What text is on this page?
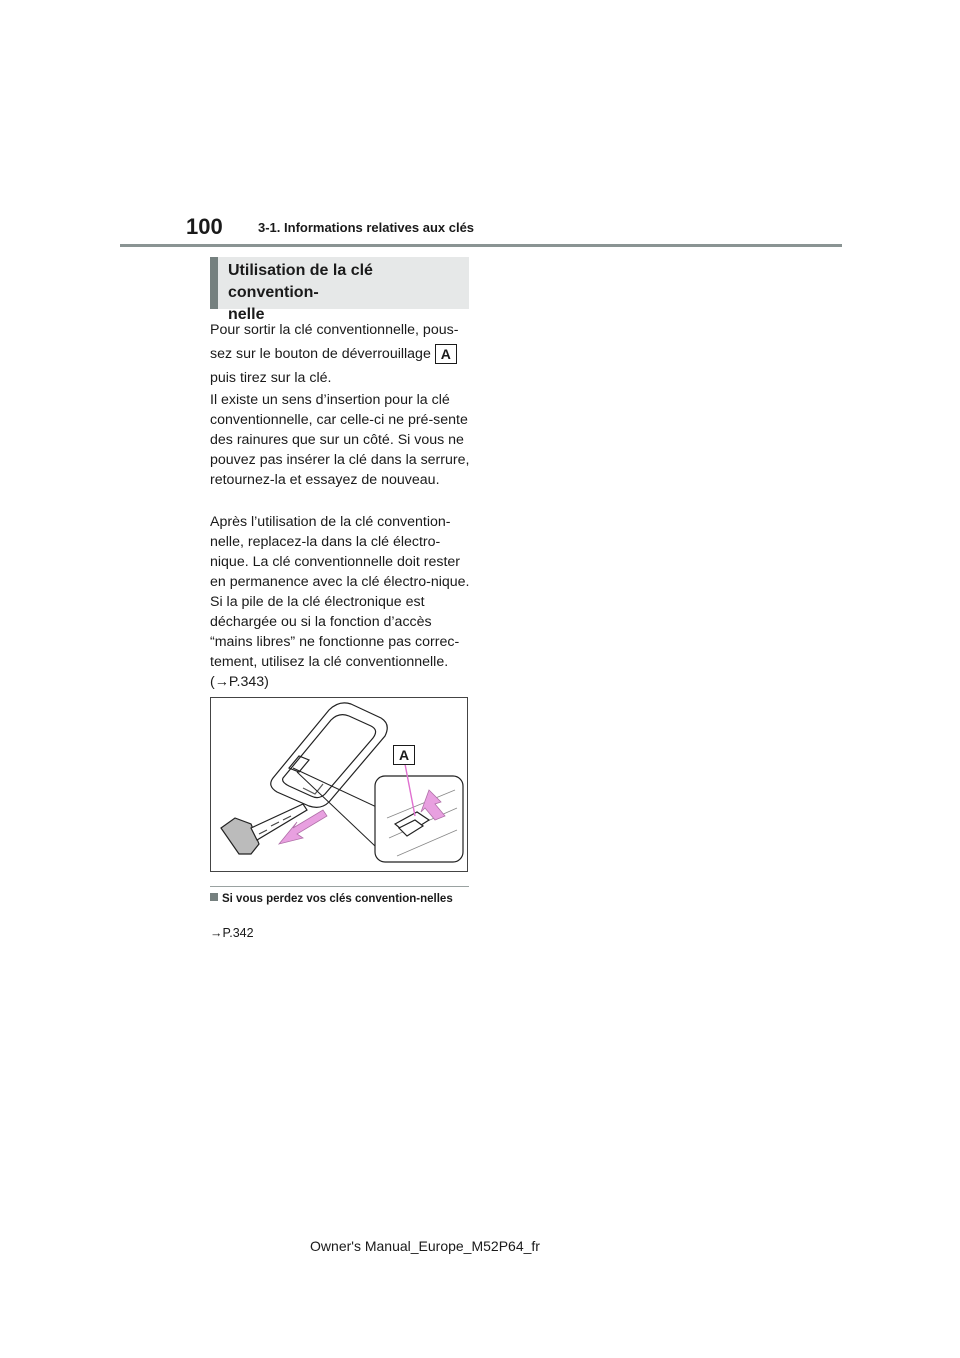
100	3-1. Informations relatives aux clés
Utilisation de la clé convention-
nelle
Pour sortir la clé conventionnelle, pous-
sez sur le bouton de déverrouillage A
puis tirez sur la clé.

Il existe un sens d’insertion pour la clé conventionnelle, car celle-ci ne pré-sente des rainures que sur un côté. Si vous ne pouvez pas insérer la clé dans la serrure, retournez-la et essayez de nouveau.

Après l’utilisation de la clé convention-nelle, replacez-la dans la clé électro-nique. La clé conventionnelle doit rester en permanence avec la clé électro-nique. Si la pile de la clé électronique est déchargée ou si la fonction d’accès “mains libres” ne fonctionne pas correc-tement, utilisez la clé conventionnelle. (→P.343)

A
Si vous perdez vos clés convention-nelles
→P.342
Owner's Manual_Europe_M52P64_fr
